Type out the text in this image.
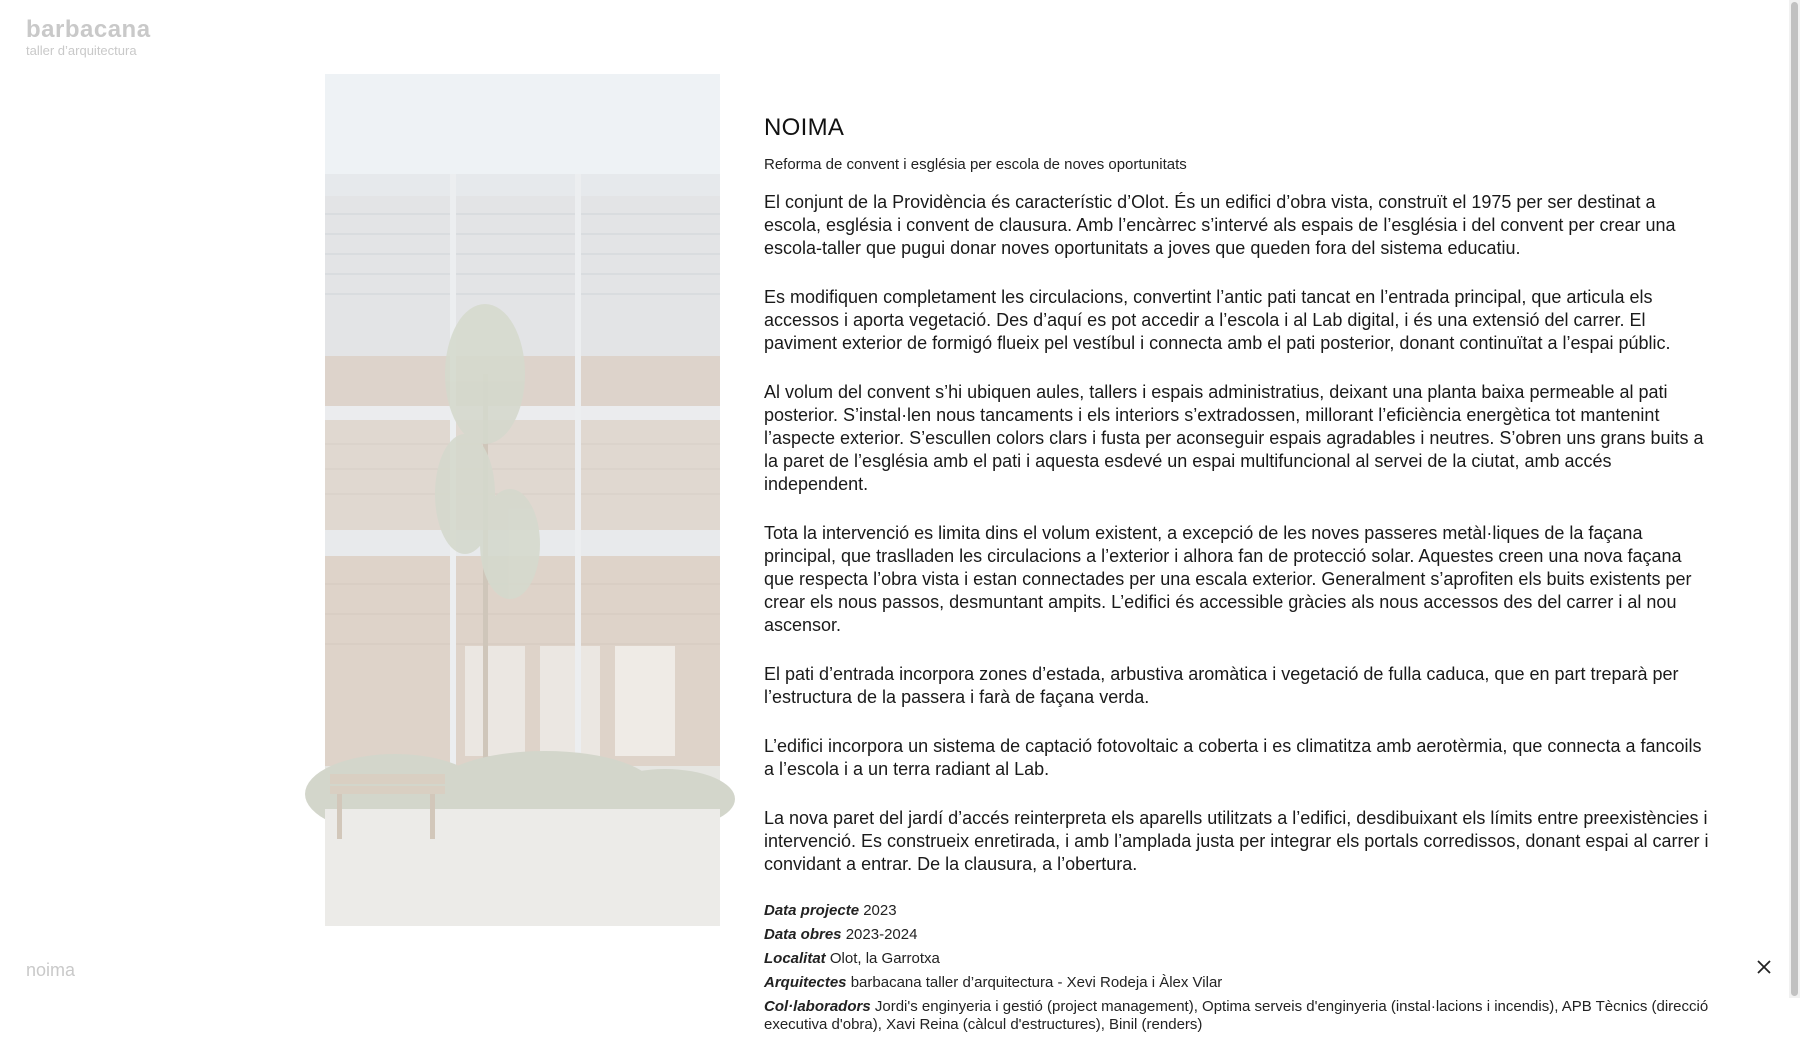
barbacana
taller d’arquitectura
NOIMA

Reforma de convent i església per escola de noves oportunitats

El conjunt de la Providència és característic d’Olot. És un edifici d’obra vista, construït el 1975 per ser destinat a escola, església i convent de clausura. Amb l’encàrrec s’intervé als espais de l’església i del convent per crear una escola-taller que pugui donar noves oportunitats a joves que queden fora del sistema educatiu.

Es modifiquen completament les circulacions, convertint l’antic pati tancat en l’entrada principal, que articula els accessos i aporta vegetació. Des d’aquí es pot accedir a l’escola i al Lab digital, i és una extensió del carrer. El paviment exterior de formigó flueix pel vestíbul i connecta amb el pati posterior, donant continuïtat a l’espai públic.

Al volum del convent s’hi ubiquen aules, tallers i espais administratius, deixant una planta baixa permeable al pati posterior. S’instal·len nous tancaments i els interiors s’extradossen, millorant l’eficiència energètica tot mantenint l’aspecte exterior. S’escullen colors clars i fusta per aconseguir espais agradables i neutres. S’obren uns grans buits a la paret de l’església amb el pati i aquesta esdevé un espai multifuncional al servei de la ciutat, amb accés independent.

Tota la intervenció es limita dins el volum existent, a excepció de les noves passeres metàl·liques de la façana principal, que traslladen les circulacions a l’exterior i alhora fan de protecció solar. Aquestes creen una nova façana que respecta l’obra vista i estan connectades per una escala exterior. Generalment s’aprofiten els buits existents per crear els nous passos, desmuntant ampits. L’edifici és accessible gràcies als nous accessos des del carrer i al nou ascensor.

El pati d’entrada incorpora zones d’estada, arbustiva aromàtica i vegetació de fulla caduca, que en part treparà per l’estructura de la passera i farà de façana verda.

L’edifici incorpora un sistema de captació fotovoltaic a coberta i es climatitza amb aerotèrmia, que connecta a fancoils a l’escola i a un terra radiant al Lab.

La nova paret del jardí d’accés reinterpreta els aparells utilitzats a l’edifici, desdibuixant els límits entre preexistències i intervenció. Es construeix enretirada, i amb l’amplada justa per integrar els portals corredissos, donant espai al carrer i convidant a entrar. De la clausura, a l’obertura.

Data projecte 2023
Data obres 2023-2024
Localitat Olot, la Garrotxa
Arquitectes barbacana taller d’arquitectura - Xevi Rodeja i Àlex Vilar
Col·laboradors Jordi's enginyeria i gestió (project management), Optima serveis d'enginyeria (instal·lacions i incendis), APB Tècnics (direcció executiva d'obra), Xavi Reina (càlcul d'estructures), Binil (renders)
noima
